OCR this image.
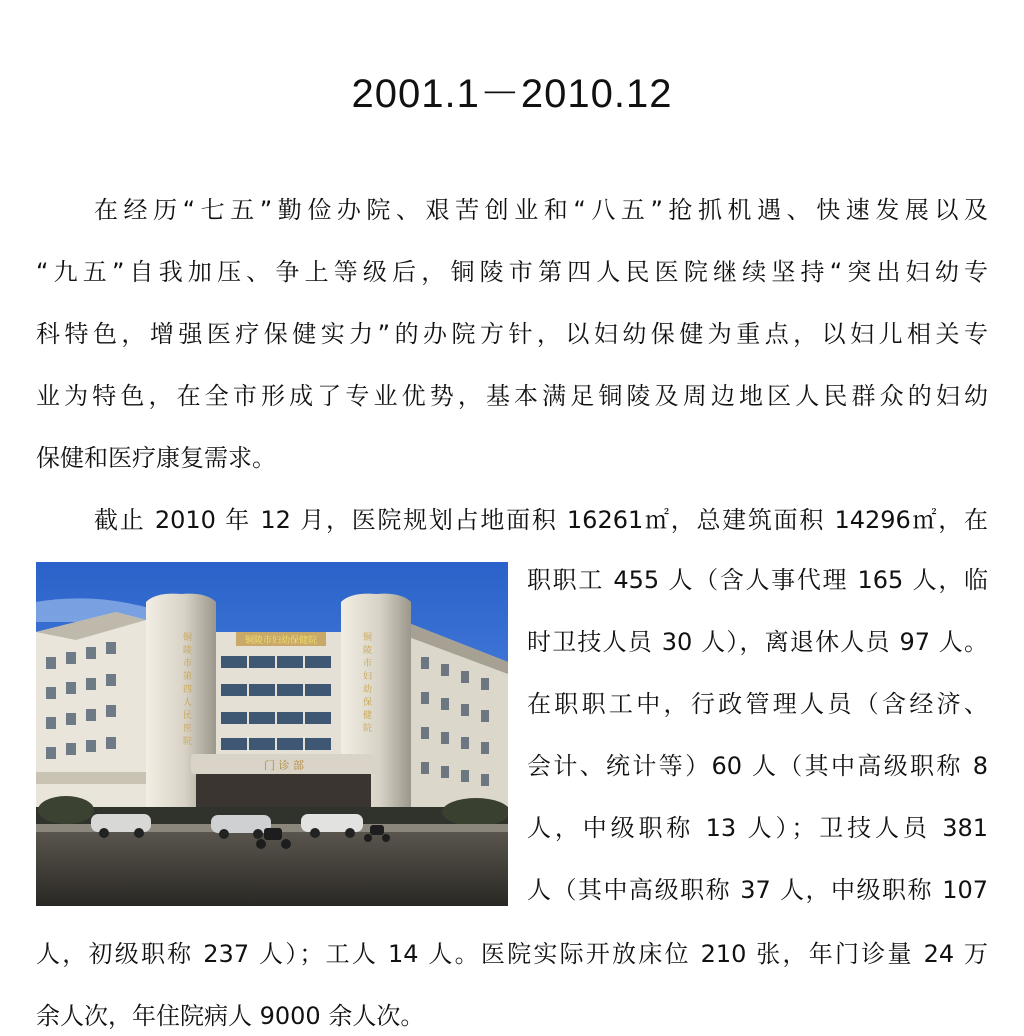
2001.1－2010.12
在经历“七五”勤俭办院、艰苦创业和“八五”抢抓机遇、快速发展以及
“九五”自我加压、争上等级后，铜陵市第四人民医院继续坚持“突出妇幼专
科特色，增强医疗保健实力”的办院方针，以妇幼保健为重点，以妇儿相关专
业为特色，在全市形成了专业优势，基本满足铜陵及周边地区人民群众的妇幼
保健和医疗康复需求。
截止 2010 年 12 月，医院规划占地面积 16261㎡，总建筑面积 14296㎡，在
职职工 455 人（含人事代理 165 人，临
时卫技人员 30 人），离退休人员 97 人。
在职职工中，行政管理人员（含经济、
会计、统计等）60 人（其中高级职称 8
人，中级职称 13 人）；卫技人员 381
人（其中高级职称 37 人，中级职称 107
人，初级职称 237 人）；工人 14 人。医院实际开放床位 210 张，年门诊量 24 万
余人次，年住院病人 9000 余人次。
铜陵市妇幼保健院
铜陵市第四人民医院	铜陵市妇幼保健院
门 诊 部
